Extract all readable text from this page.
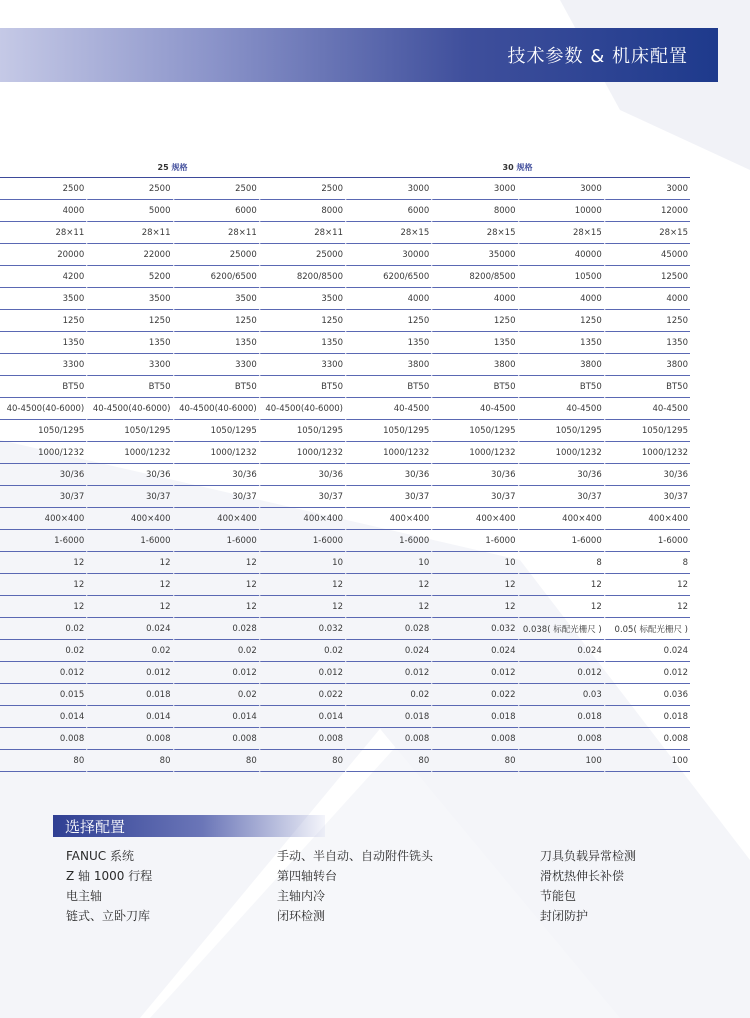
技术参数 & 机床配置
25 规格				30 规格			
2500	2500	2500	2500	3000	3000	3000	3000
4000	5000	6000	8000	6000	8000	10000	12000
28×11	28×11	28×11	28×11	28×15	28×15	28×15	28×15
20000	22000	25000	25000	30000	35000	40000	45000
4200	5200	6200/6500	8200/8500	6200/6500	8200/8500	10500	12500
3500	3500	3500	3500	4000	4000	4000	4000
1250	1250	1250	1250	1250	1250	1250	1250
1350	1350	1350	1350	1350	1350	1350	1350
3300	3300	3300	3300	3800	3800	3800	3800
BT50	BT50	BT50	BT50	BT50	BT50	BT50	BT50
40-4500(40-6000)	40-4500(40-6000)	40-4500(40-6000)	40-4500(40-6000)	40-4500	40-4500	40-4500	40-4500
1050/1295	1050/1295	1050/1295	1050/1295	1050/1295	1050/1295	1050/1295	1050/1295
1000/1232	1000/1232	1000/1232	1000/1232	1000/1232	1000/1232	1000/1232	1000/1232
30/36	30/36	30/36	30/36	30/36	30/36	30/36	30/36
30/37	30/37	30/37	30/37	30/37	30/37	30/37	30/37
400×400	400×400	400×400	400×400	400×400	400×400	400×400	400×400
1-6000	1-6000	1-6000	1-6000	1-6000	1-6000	1-6000	1-6000
12	12	12	10	10	10	8	8
12	12	12	12	12	12	12	12
12	12	12	12	12	12	12	12
0.02	0.024	0.028	0.032	0.028	0.032	0.038( 标配光栅尺 )	0.05( 标配光栅尺 )
0.02	0.02	0.02	0.02	0.024	0.024	0.024	0.024
0.012	0.012	0.012	0.012	0.012	0.012	0.012	0.012
0.015	0.018	0.02	0.022	0.02	0.022	0.03	0.036
0.014	0.014	0.014	0.014	0.018	0.018	0.018	0.018
0.008	0.008	0.008	0.008	0.008	0.008	0.008	0.008
80	80	80	80	80	80	100	100
选择配置
FANUC 系统
Z 轴 1000 行程
电主轴
链式、立卧刀库
手动、半自动、自动附件铣头
第四轴转台
主轴内冷
闭环检测
刀具负载异常检测
滑枕热伸长补偿
节能包
封闭防护
